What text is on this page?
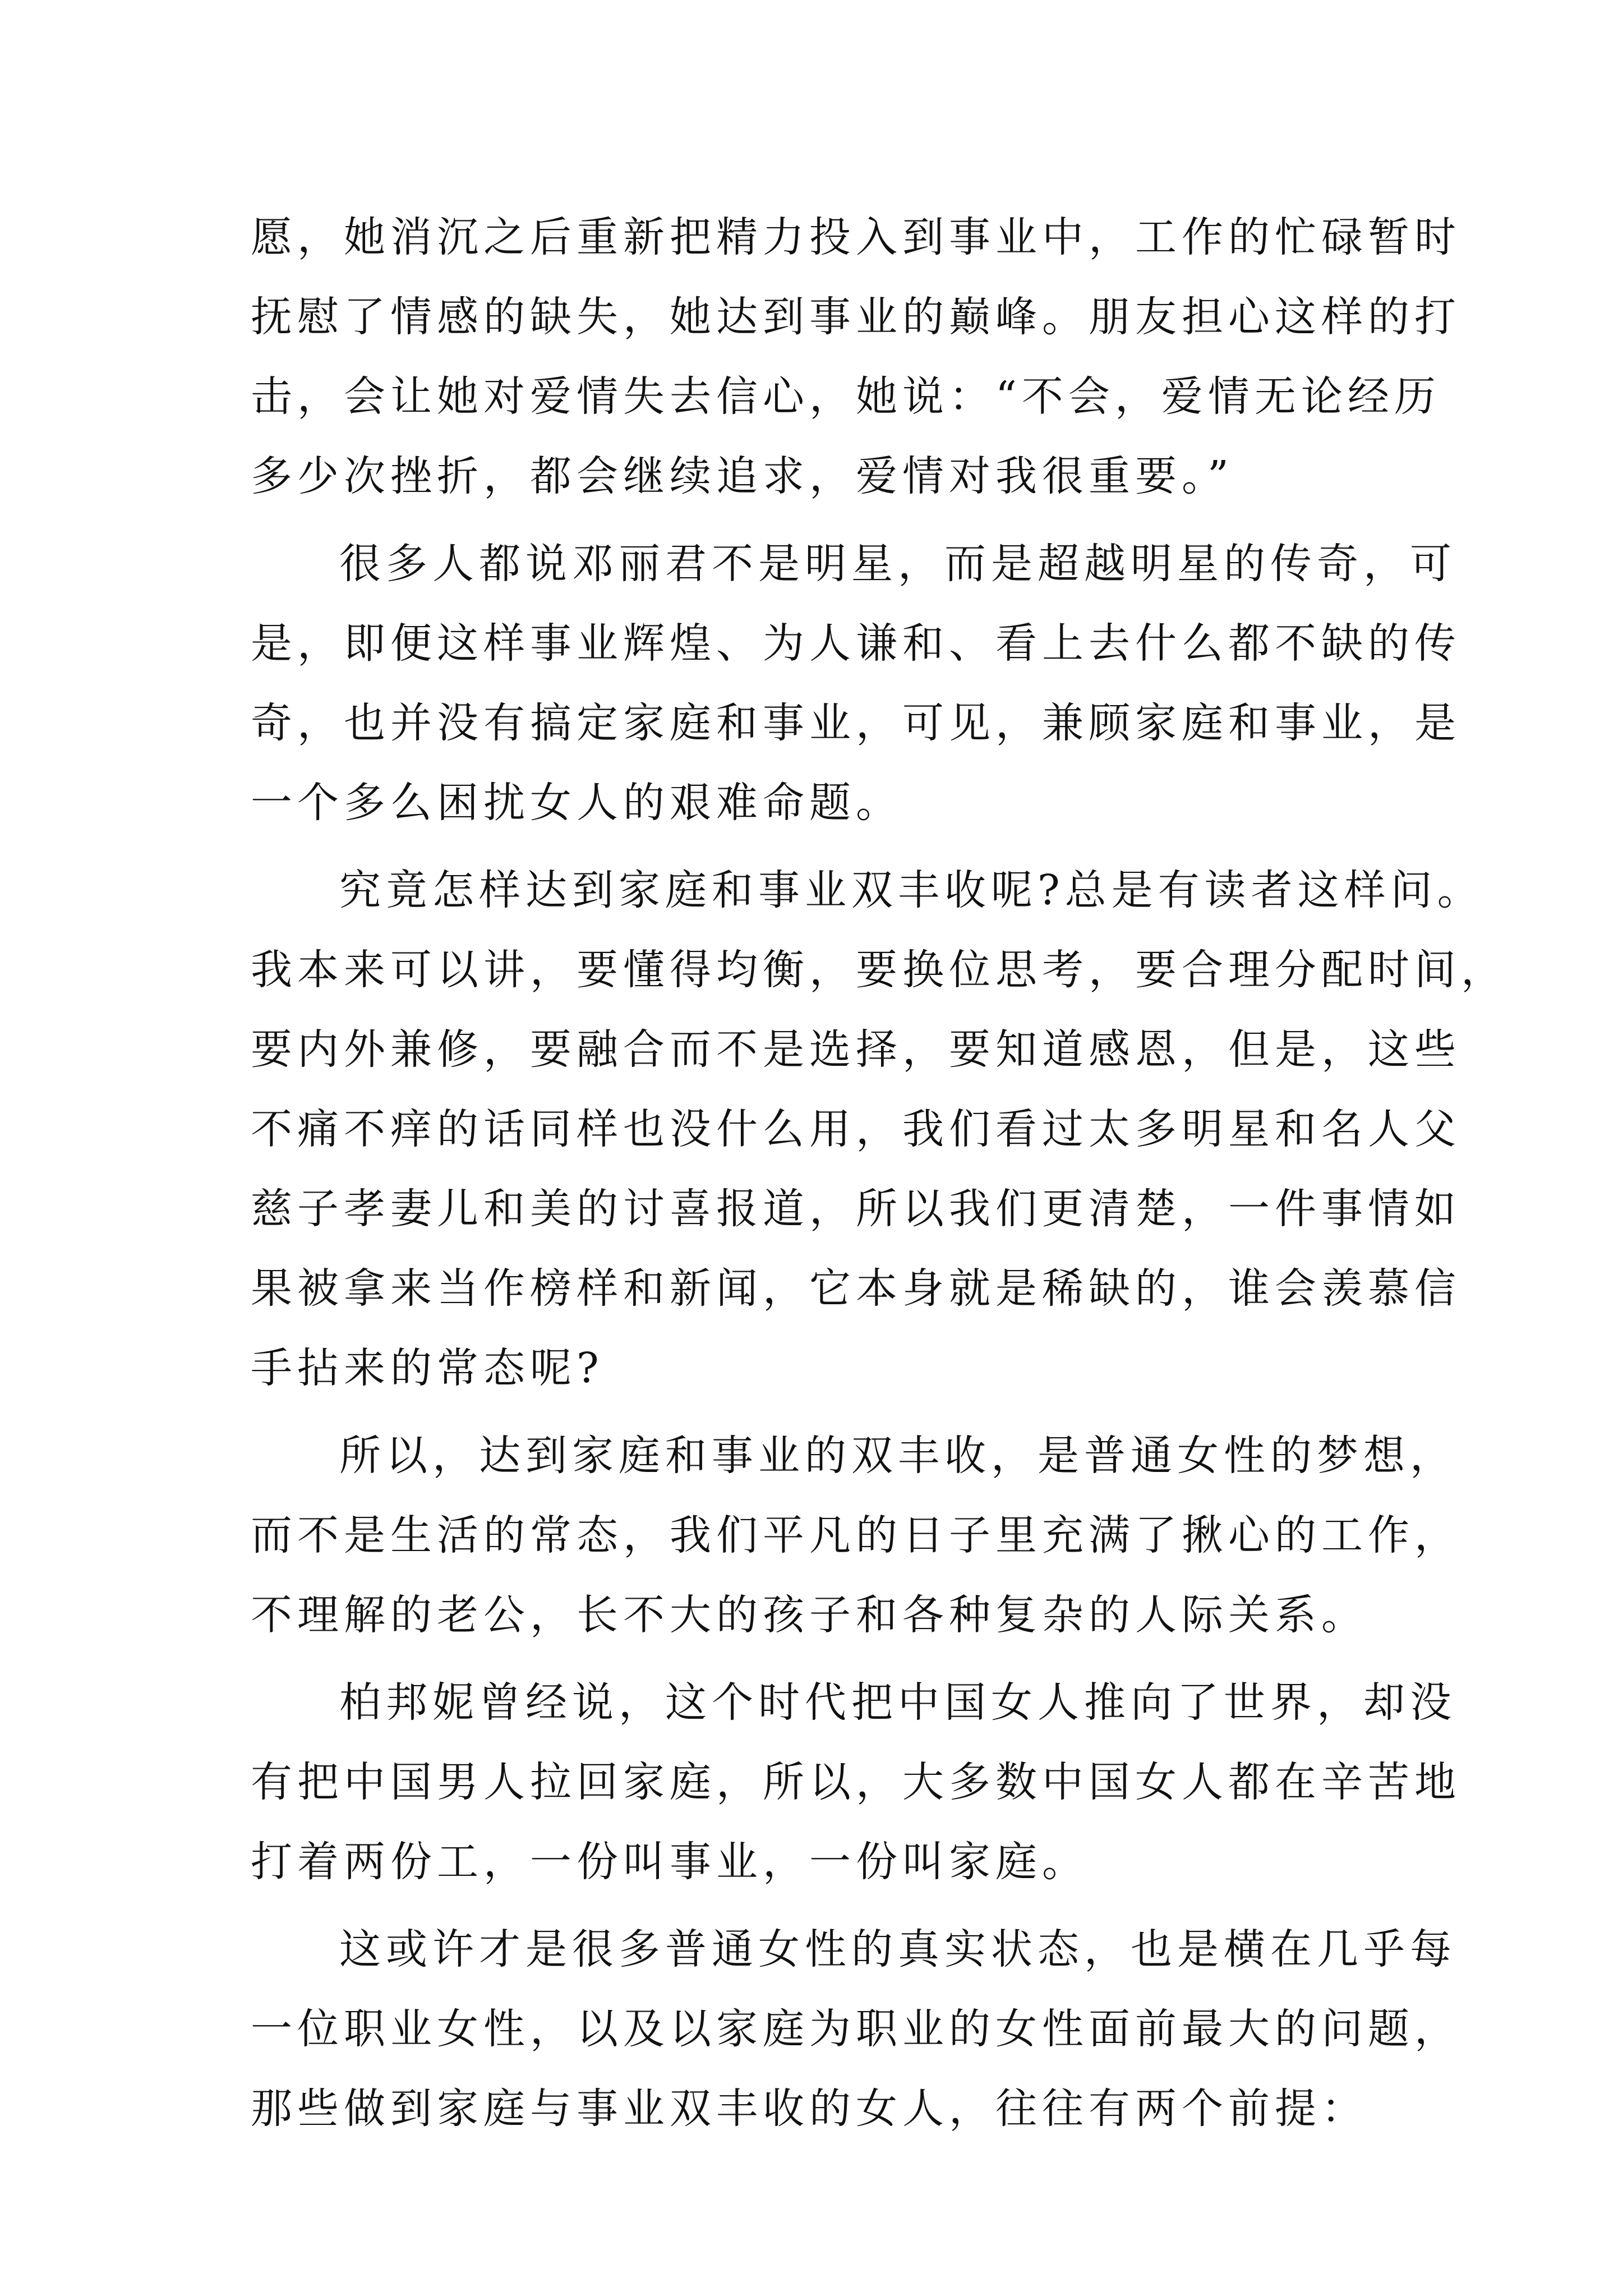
愿，她消沉之后重新把精力投入到事业中，工作的忙碌暂时
抚慰了情感的缺失，她达到事业的巅峰。朋友担心这样的打
击，会让她对爱情失去信心，她说：“不会，爱情无论经历
多少次挫折，都会继续追求，爱情对我很重要。”
很多人都说邓丽君不是明星，而是超越明星的传奇，可
是，即便这样事业辉煌、为人谦和、看上去什么都不缺的传
奇，也并没有搞定家庭和事业，可见，兼顾家庭和事业，是
一个多么困扰女人的艰难命题。
究竟怎样达到家庭和事业双丰收呢?总是有读者这样问。
我本来可以讲，要懂得均衡，要换位思考，要合理分配时间，
要内外兼修，要融合而不是选择，要知道感恩，但是，这些
不痛不痒的话同样也没什么用，我们看过太多明星和名人父
慈子孝妻儿和美的讨喜报道，所以我们更清楚，一件事情如
果被拿来当作榜样和新闻，它本身就是稀缺的，谁会羡慕信
手拈来的常态呢?
所以，达到家庭和事业的双丰收，是普通女性的梦想，
而不是生活的常态，我们平凡的日子里充满了揪心的工作，
不理解的老公，长不大的孩子和各种复杂的人际关系。
柏邦妮曾经说，这个时代把中国女人推向了世界，却没
有把中国男人拉回家庭，所以，大多数中国女人都在辛苦地
打着两份工，一份叫事业，一份叫家庭。
这或许才是很多普通女性的真实状态，也是横在几乎每
一位职业女性，以及以家庭为职业的女性面前最大的问题，
那些做到家庭与事业双丰收的女人，往往有两个前提：
